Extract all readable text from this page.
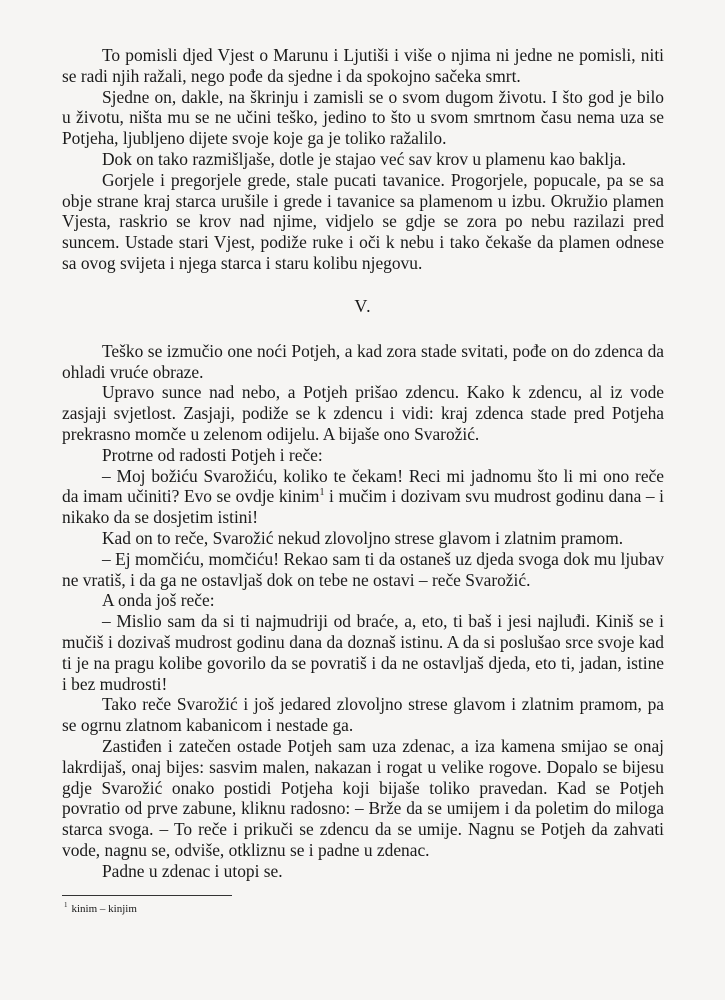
To pomisli djed Vjest o Marunu i Ljutiši i više o njima ni jedne ne pomisli, niti se radi njih ražali, nego pođe da sjedne i da spokojno sačeka smrt.

Sjedne on, dakle, na škrinju i zamisli se o svom dugom životu. I što god je bilo u životu, ništa mu se ne učini teško, jedino to što u svom smrtnom času nema uza se Potjeha, ljubljeno dijete svoje koje ga je toliko ražalilo.

Dok on tako razmišljaše, dotle je stajao već sav krov u plamenu kao baklja.

Gorjele i pregorjele grede, stale pucati tavanice. Progorjele, popucale, pa se sa obje strane kraj starca urušile i grede i tavanice sa plamenom u izbu. Okružio plamen Vjesta, raskrio se krov nad njime, vidjelo se gdje se zora po nebu razilazi pred suncem. Ustade stari Vjest, podiže ruke i oči k nebu i tako čekaše da plamen odnese sa ovog svijeta i njega starca i staru kolibu njegovu.

V.

Teško se izmučio one noći Potjeh, a kad zora stade svitati, pođe on do zdenca da ohladi vruće obraze.

Upravo sunce nad nebo, a Potjeh prišao zdencu. Kako k zdencu, al iz vode zasjaji svjetlost. Zasjaji, podiže se k zdencu i vidi: kraj zdenca stade pred Potjeha prekrasno momče u zelenom odijelu. A bijaše ono Svarožić.

Protrne od radosti Potjeh i reče:

– Moj božiću Svarožiću, koliko te čekam! Reci mi jadnomu što li mi ono reče da imam učiniti? Evo se ovdje kinim$^1$ i mučim i dozivam svu mudrost godinu dana – i nikako da se dosjetim istini!

Kad on to reče, Svarožić nekud zlovoljno strese glavom i zlatnim pramom.

– Ej momčiću, momčiću! Rekao sam ti da ostaneš uz djeda svoga dok mu ljubav ne vratiš, i da ga ne ostavljaš dok on tebe ne ostavi – reče Svarožić.

A onda još reče:

– Mislio sam da si ti najmudriji od braće, a, eto, ti baš i jesi najluđi. Kiniš se i mučiš i dozivaš mudrost godinu dana da doznaš istinu. A da si poslušao srce svoje kad ti je na pragu kolibe govorilo da se povratiš i da ne ostavljaš djeda, eto ti, jadan, istine i bez mudrosti!

Tako reče Svarožić i još jedared zlovoljno strese glavom i zlatnim pramom, pa se ogrnu zlatnom kabanicom i nestade ga.

Zastiđen i zatečen ostade Potjeh sam uza zdenac, a iza kamena smijao se onaj lakrdijaš, onaj bijes: sasvim malen, nakazan i rogat u velike rogove. Dopalo se bijesu gdje Svarožić onako postidi Potjeha koji bijaše toliko pravedan. Kad se Potjeh povratio od prve zabune, kliknu radosno: – Brže da se umijem i da poletim do miloga starca svoga. – To reče i prikuči se zdencu da se umije. Nagnu se Potjeh da zahvati vode, nagnu se, odviše, otkliznu se i padne u zdenac.

Padne u zdenac i utopi se.

$^1$ kinim – kinjim
